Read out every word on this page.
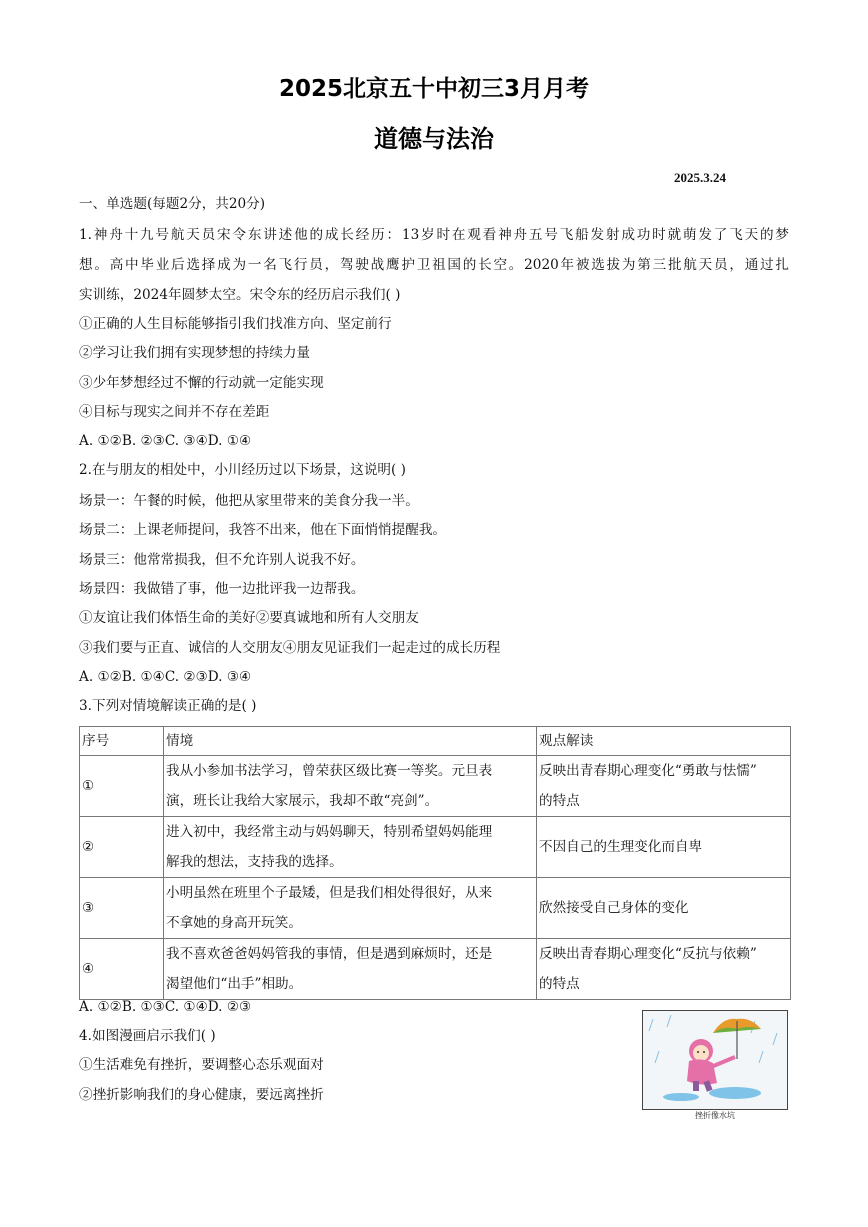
2025北京五十中初三3月月考
道德与法治
2025.3.24
一、单选题(每题2分，共20分)
1.神舟十九号航天员宋令东讲述他的成长经历：13岁时在观看神舟五号飞船发射成功时就萌发了飞天的梦
想。高中毕业后选择成为一名飞行员，驾驶战鹰护卫祖国的长空。2020年被选拔为第三批航天员，通过扎
实训练，2024年圆梦太空。宋令东的经历启示我们( )
①正确的人生目标能够指引我们找准方向、坚定前行
②学习让我们拥有实现梦想的持续力量
③少年梦想经过不懈的行动就一定能实现
④目标与现实之间并不存在差距
A. ①②B. ②③C. ③④D. ①④
2.在与朋友的相处中，小川经历过以下场景，这说明( )
场景一：午餐的时候，他把从家里带来的美食分我一半。
场景二：上课老师提问，我答不出来，他在下面悄悄提醒我。
场景三：他常常损我，但不允许别人说我不好。
场景四：我做错了事，他一边批评我一边帮我。
①友谊让我们体悟生命的美好②要真诚地和所有人交朋友
③我们要与正直、诚信的人交朋友④朋友见证我们一起走过的成长历程
A. ①②B. ①④C. ②③D. ③④
3.下列对情境解读正确的是( )
序号	情境	观点解读
①	我从小参加书法学习，曾荣获区级比赛一等奖。元旦表
演，班长让我给大家展示，我却不敢“亮剑”。	反映出青春期心理变化“勇敢与怯懦”
的特点
②	进入初中，我经常主动与妈妈聊天，特别希望妈妈能理
解我的想法，支持我的选择。	不因自己的生理变化而自卑
③	小明虽然在班里个子最矮，但是我们相处得很好，从来
不拿她的身高开玩笑。	欣然接受自己身体的变化
④	我不喜欢爸爸妈妈管我的事情，但是遇到麻烦时，还是
渴望他们“出手”相助。	反映出青春期心理变化“反抗与依赖”
的特点
A. ①②B. ①③C. ①④D. ②③
4.如图漫画启示我们( )
①生活难免有挫折，要调整心态乐观面对
②挫折影响我们的身心健康，要远离挫折
挫折像水坑
